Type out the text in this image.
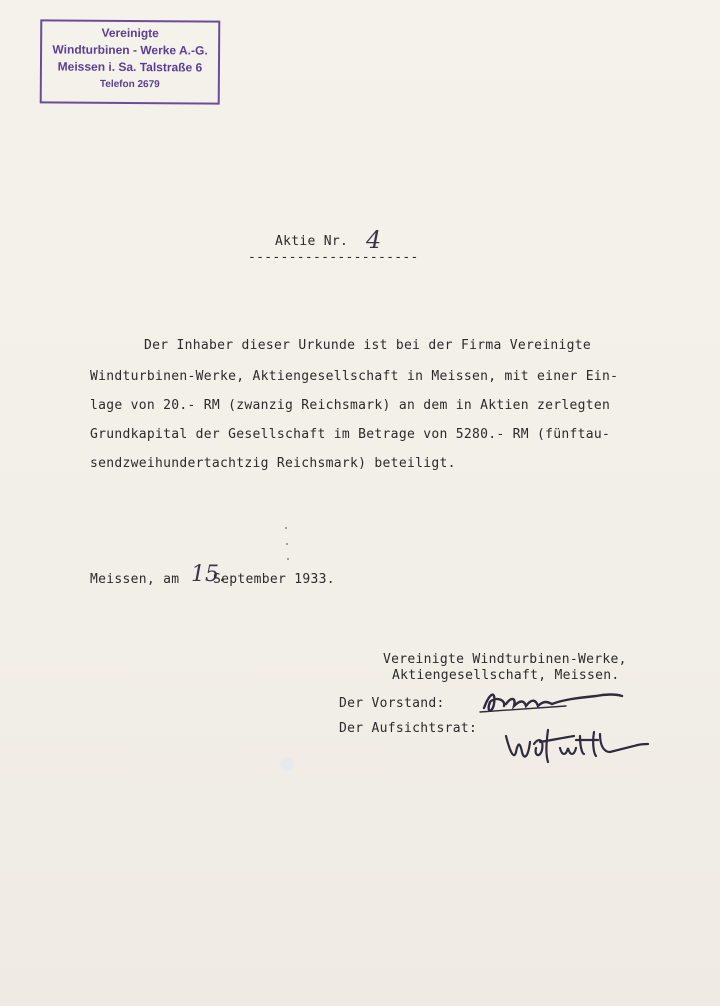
Vereinigte
Windturbinen - Werke A.-G.
Meissen i. Sa. Talstraße 6
Telefon 2679
Aktie Nr. 4
---------------------
Der Inhaber dieser Urkunde ist bei der Firma Vereinigte
Windturbinen-Werke, Aktiengesellschaft in Meissen, mit einer Ein-
lage von 20.- RM (zwanzig Reichsmark) an dem in Aktien zerlegten
Grundkapital der Gesellschaft im Betrage von 5280.- RM (fünftau-
sendzweihundertachtzig Reichsmark) beteiligt.
Meissen, am 15.
September 1933.
Vereinigte Windturbinen-Werke,
Aktiengesellschaft, Meissen.
Der Vorstand:
Der Aufsichtsrat:
